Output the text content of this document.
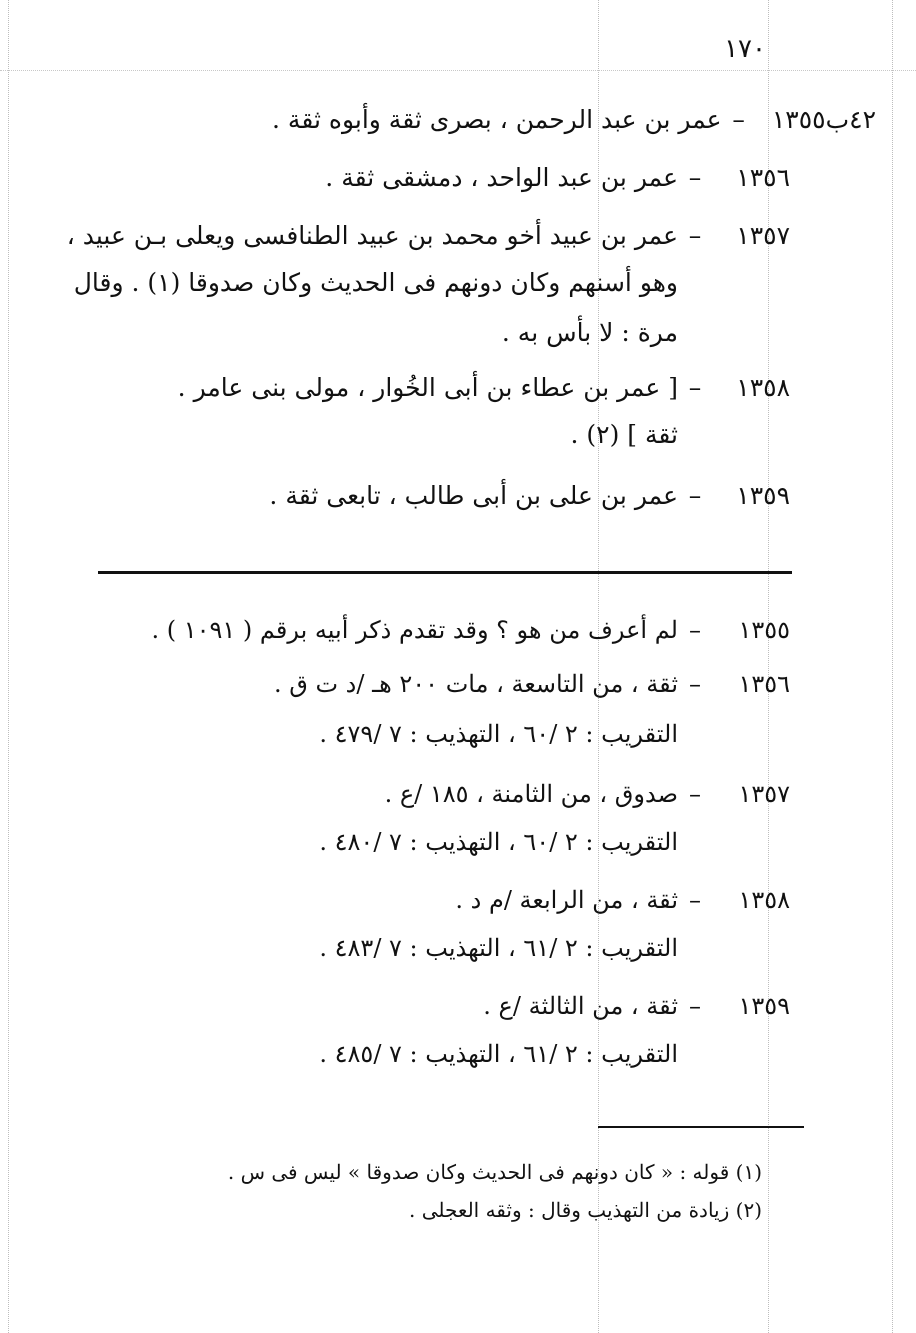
١٧٠
٤٢ب١٣٥٥–عمر بن عبد الرحمن ، بصرى ثقة وأبوه ثقة .
١٣٥٦–عمر بن عبد الواحد ، دمشقى ثقة .
١٣٥٧–عمر بن عبيد أخو محمد بن عبيد الطنافسى ويعلى بـن عبيد ،
وهو أسنهم وكان دونهم فى الحديث وكان صدوقا (١) . وقال
مرة : لا بأس به .
١٣٥٨–[ عمر بن عطاء بن أبى الخُوار ، مولى بنى عامر .
ثقة ] (٢) .
١٣٥٩–عمر بن على بن أبى طالب ، تابعى ثقة .
١٣٥٥–لم أعرف من هو ؟ وقد تقدم ذكر أبيه برقم ( ١٠٩١ ) .
١٣٥٦–ثقة ، من التاسعة ، مات ٢٠٠ هـ /د ت ق .
التقريب : ٢ /٦٠ ، التهذيب : ٧ /٤٧٩ .
١٣٥٧–صدوق ، من الثامنة ، ١٨٥ /ع .
التقريب : ٢ /٦٠ ، التهذيب : ٧ /٤٨٠ .
١٣٥٨–ثقة ، من الرابعة /م د .
التقريب : ٢ /٦١ ، التهذيب : ٧ /٤٨٣ .
١٣٥٩–ثقة ، من الثالثة /ع .
التقريب : ٢ /٦١ ، التهذيب : ٧ /٤٨٥ .
(١) قوله : « كان دونهم فى الحديث وكان صدوقا » ليس فى س .
(٢) زيادة من التهذيب وقال : وثقه العجلى .
